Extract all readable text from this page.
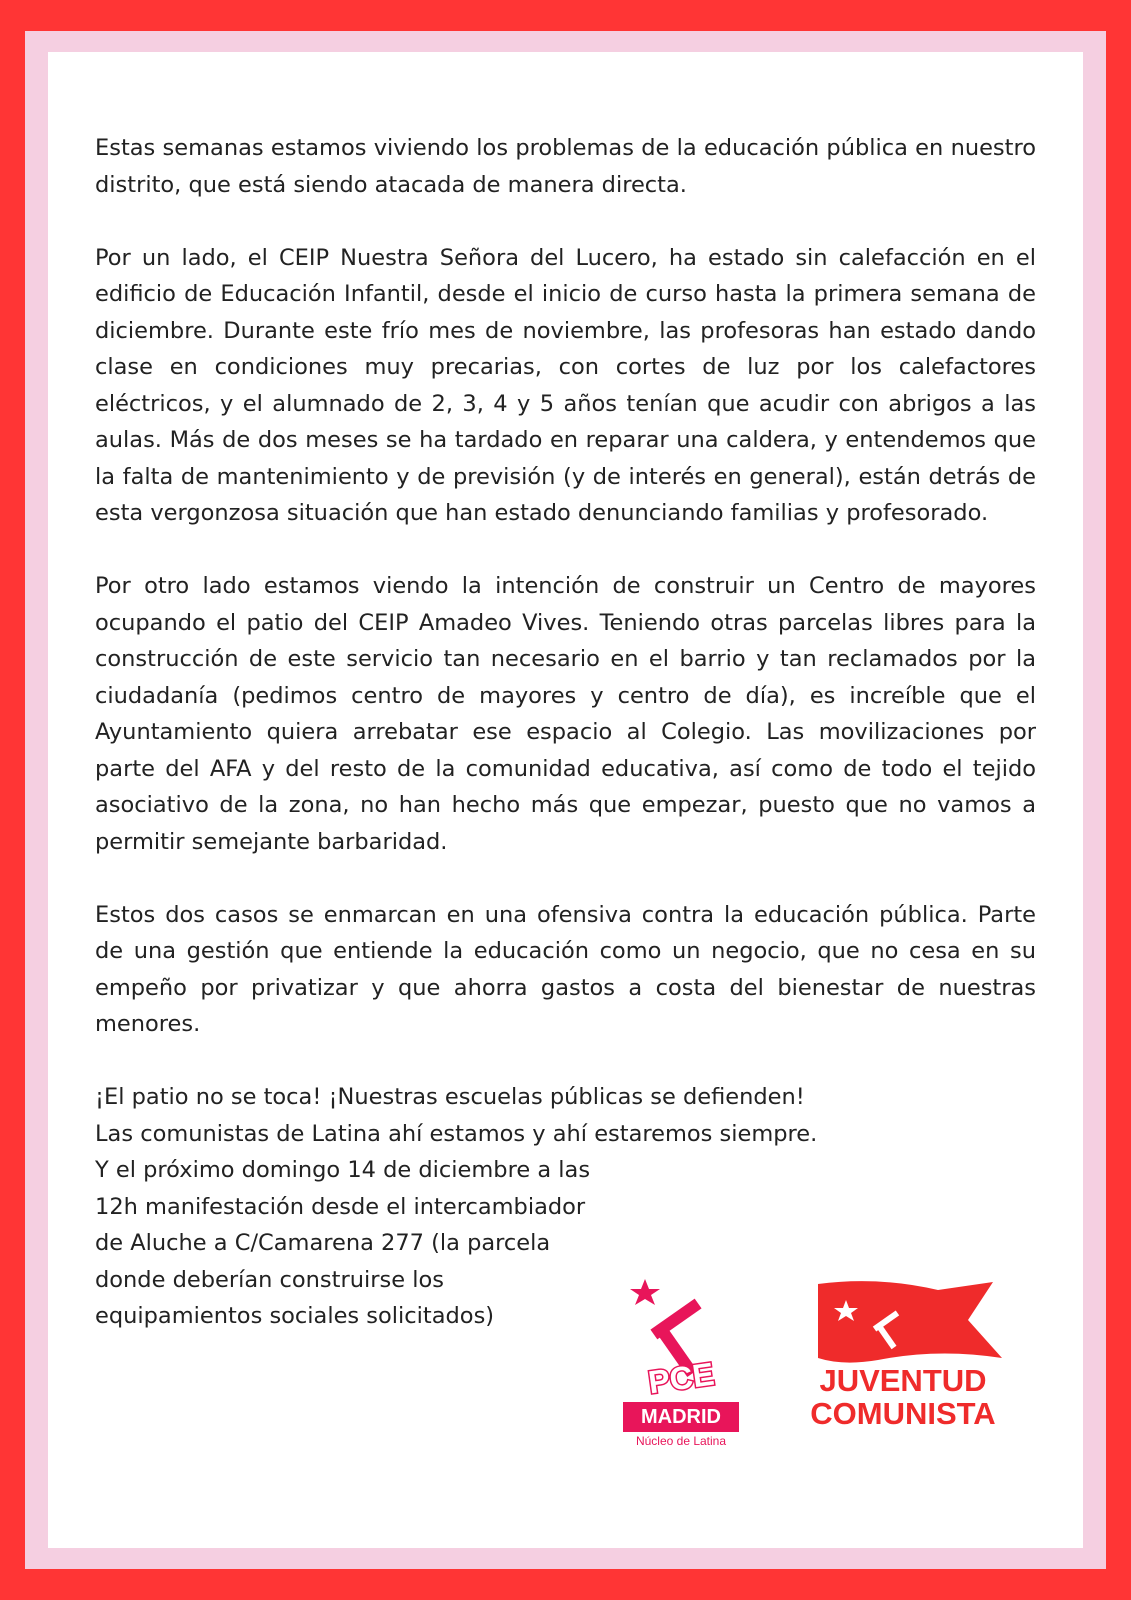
Estas semanas estamos viviendo los problemas de la educación pública en nuestro distrito, que está siendo atacada de manera directa.

Por un lado, el CEIP Nuestra Señora del Lucero, ha estado sin calefacción en el edificio de Educación Infantil, desde el inicio de curso hasta la primera semana de diciembre. Durante este frío mes de noviembre, las profesoras han estado dando clase en condiciones muy precarias, con cortes de luz por los calefactores eléctricos, y el alumnado de 2, 3, 4 y 5 años tenían que acudir con abrigos a las aulas. Más de dos meses se ha tardado en reparar una caldera, y entendemos que la falta de mantenimiento y de previsión (y de interés en general), están detrás de esta vergonzosa situación que han estado denunciando familias y profesorado.

Por otro lado estamos viendo la intención de construir un Centro de mayores ocupando el patio del CEIP Amadeo Vives. Teniendo otras parcelas libres para la construcción de este servicio tan necesario en el barrio y tan reclamados por la ciudadanía (pedimos centro de mayores y centro de día), es increíble que el Ayuntamiento quiera arrebatar ese espacio al Colegio. Las movilizaciones por parte del AFA y del resto de la comunidad educativa, así como de todo el tejido asociativo de la zona, no han hecho más que empezar, puesto que no vamos a permitir semejante barbaridad.

Estos dos casos se enmarcan en una ofensiva contra la educación pública. Parte de una gestión que entiende la educación como un negocio, que no cesa en su empeño por privatizar y que ahorra gastos a costa del bienestar de nuestras menores.

¡El patio no se toca! ¡Nuestras escuelas públicas se defienden!
Las comunistas de Latina ahí estamos y ahí estaremos siempre.
Y el próximo domingo 14 de diciembre a las 12h manifestación desde el intercambiador de Aluche a C/Camarena 277 (la parcela donde deberían construirse los equipamientos sociales solicitados)
PCE
MADRID
Núcleo de Latina
JUVENTUD
COMUNISTA
